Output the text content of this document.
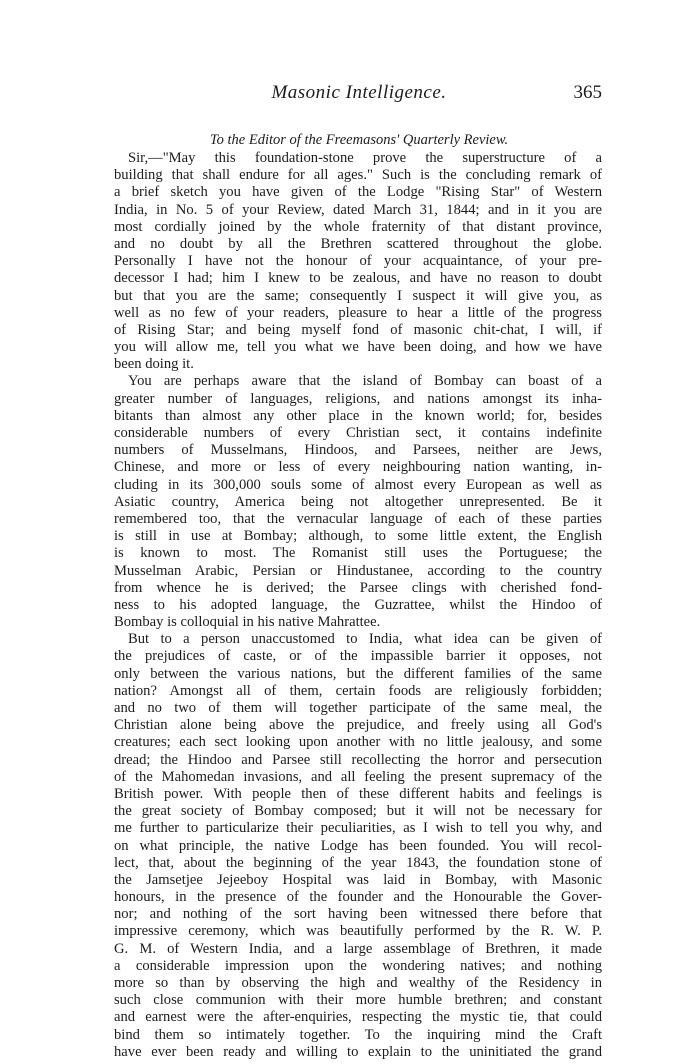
Masonic Intelligence.	365
To the Editor of the Freemasons' Quarterly Review.
Sir,—"May this foundation-stone prove the superstructure of a
building that shall endure for all ages." Such is the concluding remark of
a brief sketch you have given of the Lodge "Rising Star" of Western
India, in No. 5 of your Review, dated March 31, 1844; and in it you are
most cordially joined by the whole fraternity of that distant province,
and no doubt by all the Brethren scattered throughout the globe.
Personally I have not the honour of your acquaintance, of your pre-
decessor I had; him I knew to be zealous, and have no reason to doubt
but that you are the same; consequently I suspect it will give you, as
well as no few of your readers, pleasure to hear a little of the progress
of Rising Star; and being myself fond of masonic chit-chat, I will, if
you will allow me, tell you what we have been doing, and how we have
been doing it.
You are perhaps aware that the island of Bombay can boast of a
greater number of languages, religions, and nations amongst its inha-
bitants than almost any other place in the known world; for, besides
considerable numbers of every Christian sect, it contains indefinite
numbers of Musselmans, Hindoos, and Parsees, neither are Jews,
Chinese, and more or less of every neighbouring nation wanting, in-
cluding in its 300,000 souls some of almost every European as well as
Asiatic country, America being not altogether unrepresented. Be it
remembered too, that the vernacular language of each of these parties
is still in use at Bombay; although, to some little extent, the English
is known to most. The Romanist still uses the Portuguese; the
Musselman Arabic, Persian or Hindustanee, according to the country
from whence he is derived; the Parsee clings with cherished fond-
ness to his adopted language, the Guzrattee, whilst the Hindoo of
Bombay is colloquial in his native Mahrattee.
But to a person unaccustomed to India, what idea can be given of
the prejudices of caste, or of the impassible barrier it opposes, not
only between the various nations, but the different families of the same
nation? Amongst all of them, certain foods are religiously forbidden;
and no two of them will together participate of the same meal, the
Christian alone being above the prejudice, and freely using all God's
creatures; each sect looking upon another with no little jealousy, and some
dread; the Hindoo and Parsee still recollecting the horror and persecution
of the Mahomedan invasions, and all feeling the present supremacy of the
British power. With people then of these different habits and feelings is
the great society of Bombay composed; but it will not be necessary for
me further to particularize their peculiarities, as I wish to tell you why, and
on what principle, the native Lodge has been founded. You will recol-
lect, that, about the beginning of the year 1843, the foundation stone of
the Jamsetjee Jejeeboy Hospital was laid in Bombay, with Masonic
honours, in the presence of the founder and the Honourable the Gover-
nor; and nothing of the sort having been witnessed there before that
impressive ceremony, which was beautifully performed by the R. W. P.
G. M. of Western India, and a large assemblage of Brethren, it made
a considerable impression upon the wondering natives; and nothing
more so than by observing the high and wealthy of the Residency in
such close communion with their more humble brethren; and constant
and earnest were the after-enquiries, respecting the mystic tie, that could
bind them so intimately together. To the inquiring mind the Craft
have ever been ready and willing to explain to the uninitiated the grand
